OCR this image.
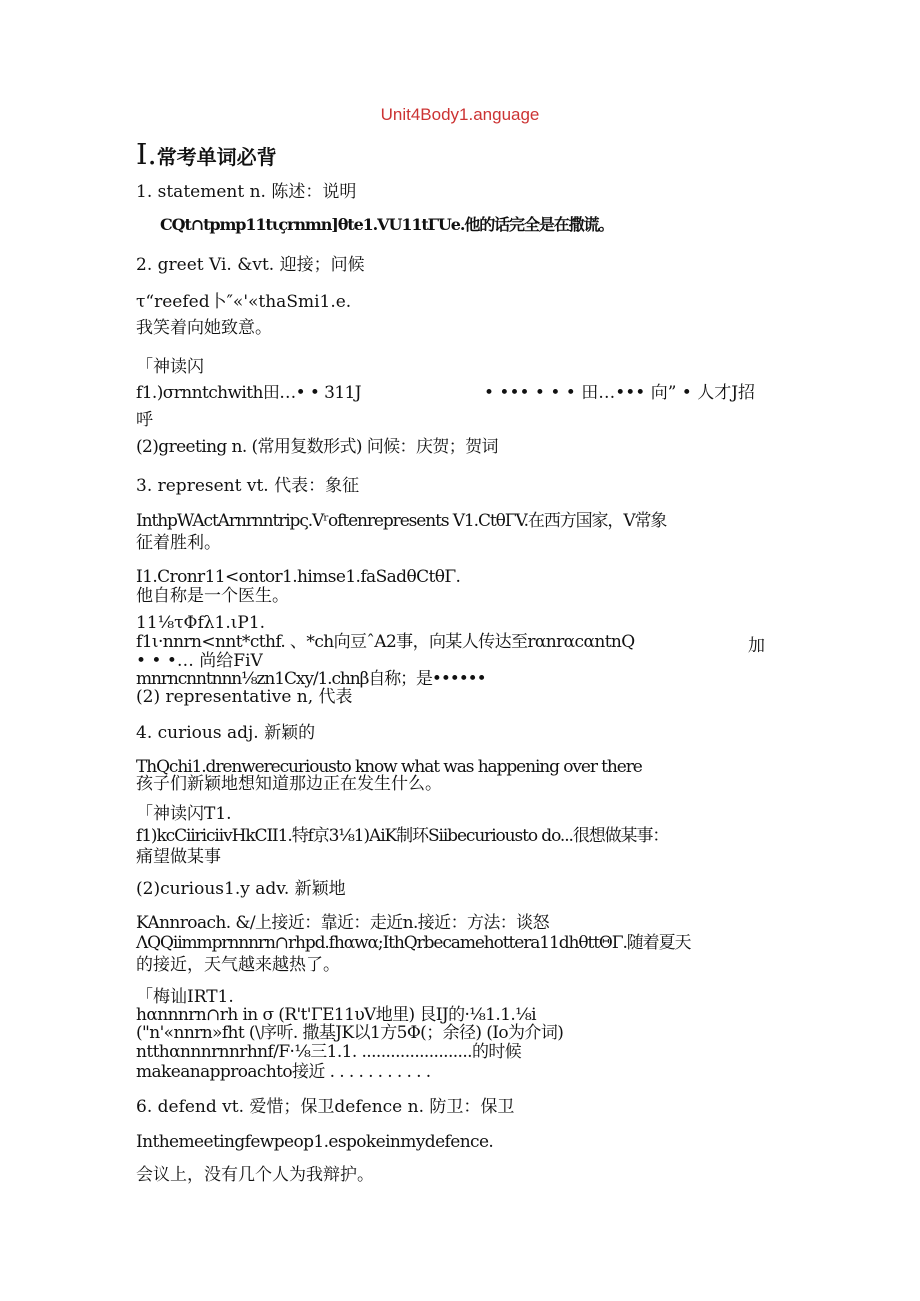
Unit4Body1.anguage
I.常考单词必背
1. statement n. 陈述：说明
CQt∩tpmp11tιçrnmn]θte1.VU11tΓUe.他的话完全是在撒谎。
2. greet Vi. &vt. 迎接；问候
τ“reefed卜″«'«thaSmi1.e.
我笑着向她致意。
「神读闪
f1.)σrnntchwith田…• • 311J	• ••• • • • 田…••• 向” • 人才J招
呼
(2)greeting n. (常用复数形式) 问候：庆贺；贺词
3. represent vt. 代表：象征
InthpWActArnrnntripς.Vʳoftenrepresents V1.CtθΓV.在西方国家，V常象
征着胜利。
I1.Cronr11<ontor1.himse1.faSadθCtθΓ.
他自称是一个医生。
11⅛τΦfλ1.ιP1.
f1ι·nnrn<nnt*cthf. 、*ch向豆ˆA2事，向某人传达至rαnrαcαntnQ	加
• • •… 尚给FiV
mnrncnntnnn⅛zn1Cxy/1.chnβ自称；是••••••
(2) representative n, 代表
4. curious adj. 新颖的
ThQchi1.drenwerecuriousto know what was happening over there
孩子们新颖地想知道那边正在发生什么。
「神读闪T1.
f1)kcCiiriciivHkCII1.特f京3⅛1)AiK制环Siibecuriousto do...很想做某事：
痛望做某事
(2)curious1.y adv. 新颖地
KAnnroach. &/上接近：靠近：走近n.接近：方法：谈怒
ΛQQiimmprnnnrn∩rhpd.fhαwα;IthQrbecamehottera11dhθttΘΓ.随着夏天
的接近，天气越来越热了。
「梅讪IRT1.
hαnnnrn∩rh in σ (R't'ΓE11υV地里) 艮IJ的·⅛1.1.⅛i
("n'«nnrn»fht (\序听. 撒基JK以1方5Φ(；余径) (Io为介词)
ntthαnnnrnnrhnf/F·⅛三1.1. .......................的时候
makeanapproachto接近 . . . . . . . . . . .
6. defend vt. 爱惜；保卫defence n. 防卫：保卫
Inthemeetingfewpeop1.espokeinmydefence.
会议上，没有几个人为我辩护。
